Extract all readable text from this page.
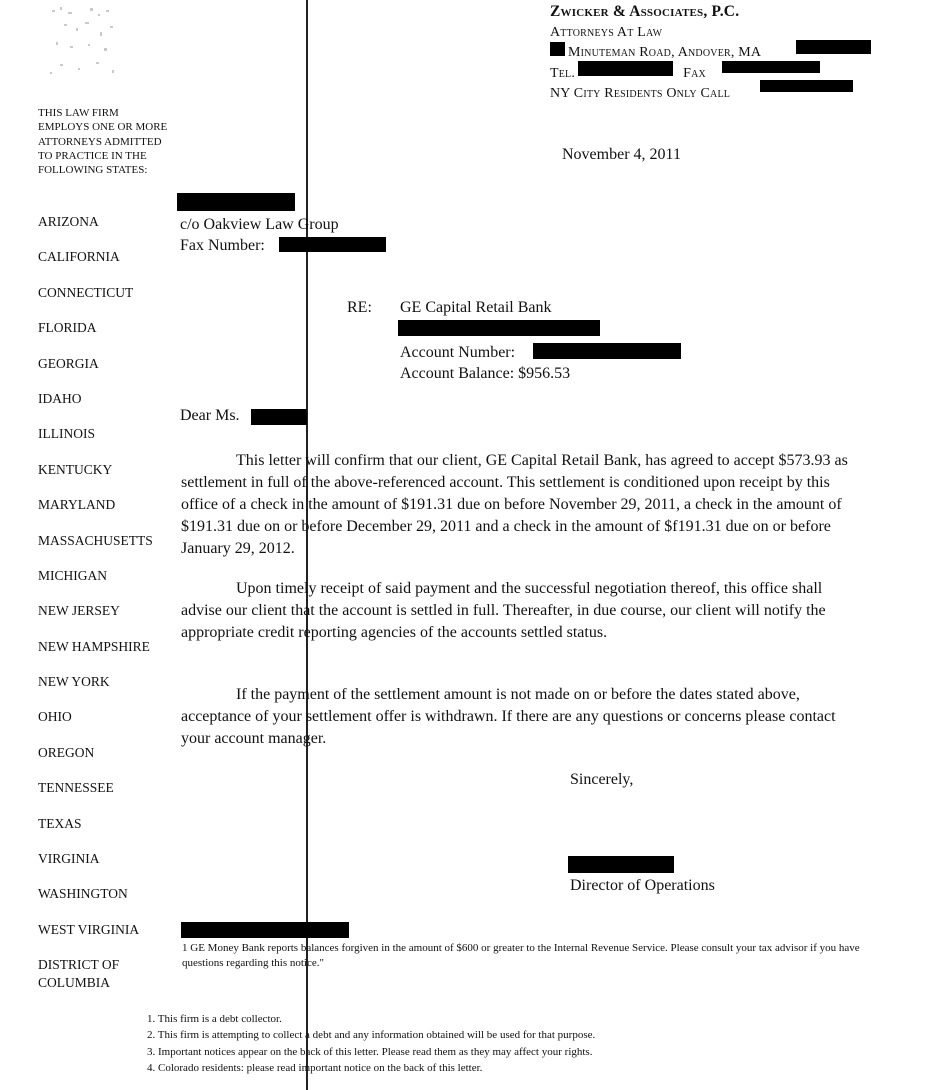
Zwicker & Associates, P.C.
Attorneys At Law
Minuteman Road, Andover, MA
Tel.	Fax
NY City Residents Only Call
THIS LAW FIRM
EMPLOYS ONE OR MORE
ATTORNEYS ADMITTED
TO PRACTICE IN THE
FOLLOWING STATES:
ARIZONA
CALIFORNIA
CONNECTICUT
FLORIDA
GEORGIA
IDAHO
ILLINOIS
KENTUCKY
MARYLAND
MASSACHUSETTS
MICHIGAN
NEW JERSEY
NEW HAMPSHIRE
NEW YORK
OHIO
OREGON
TENNESSEE
TEXAS
VIRGINIA
WASHINGTON
WEST VIRGINIA
DISTRICT OF COLUMBIA
November 4, 2011
c/o Oakview Law Group
Fax Number:
RE: GE Capital Retail Bank
Account Number:
Account Balance: $956.53
Dear Ms.
This letter will confirm that our client, GE Capital Retail Bank, has agreed to accept $573.93 as settlement in full of the above-referenced account. This settlement is conditioned upon receipt by this office of a check in the amount of $191.31 due on before November 29, 2011, a check in the amount of $191.31 due on or before December 29, 2011 and a check in the amount of $f191.31 due on or before January 29, 2012.
Upon timely receipt of said payment and the successful negotiation thereof, this office shall advise our client that the account is settled in full. Thereafter, in due course, our client will notify the appropriate credit reporting agencies of the accounts settled status.
If the payment of the settlement amount is not made on or before the dates stated above, acceptance of your settlement offer is withdrawn. If there are any questions or concerns please contact your account manager.
Sincerely,
Director of Operations
1 GE Money Bank reports balances forgiven in the amount of $600 or greater to the Internal Revenue Service. Please consult your tax advisor if you have questions regarding this notice."
1. This firm is a debt collector.
2. This firm is attempting to collect a debt and any information obtained will be used for that purpose.
3. Important notices appear on the back of this letter. Please read them as they may affect your rights.
4. Colorado residents: please read important notice on the back of this letter.
